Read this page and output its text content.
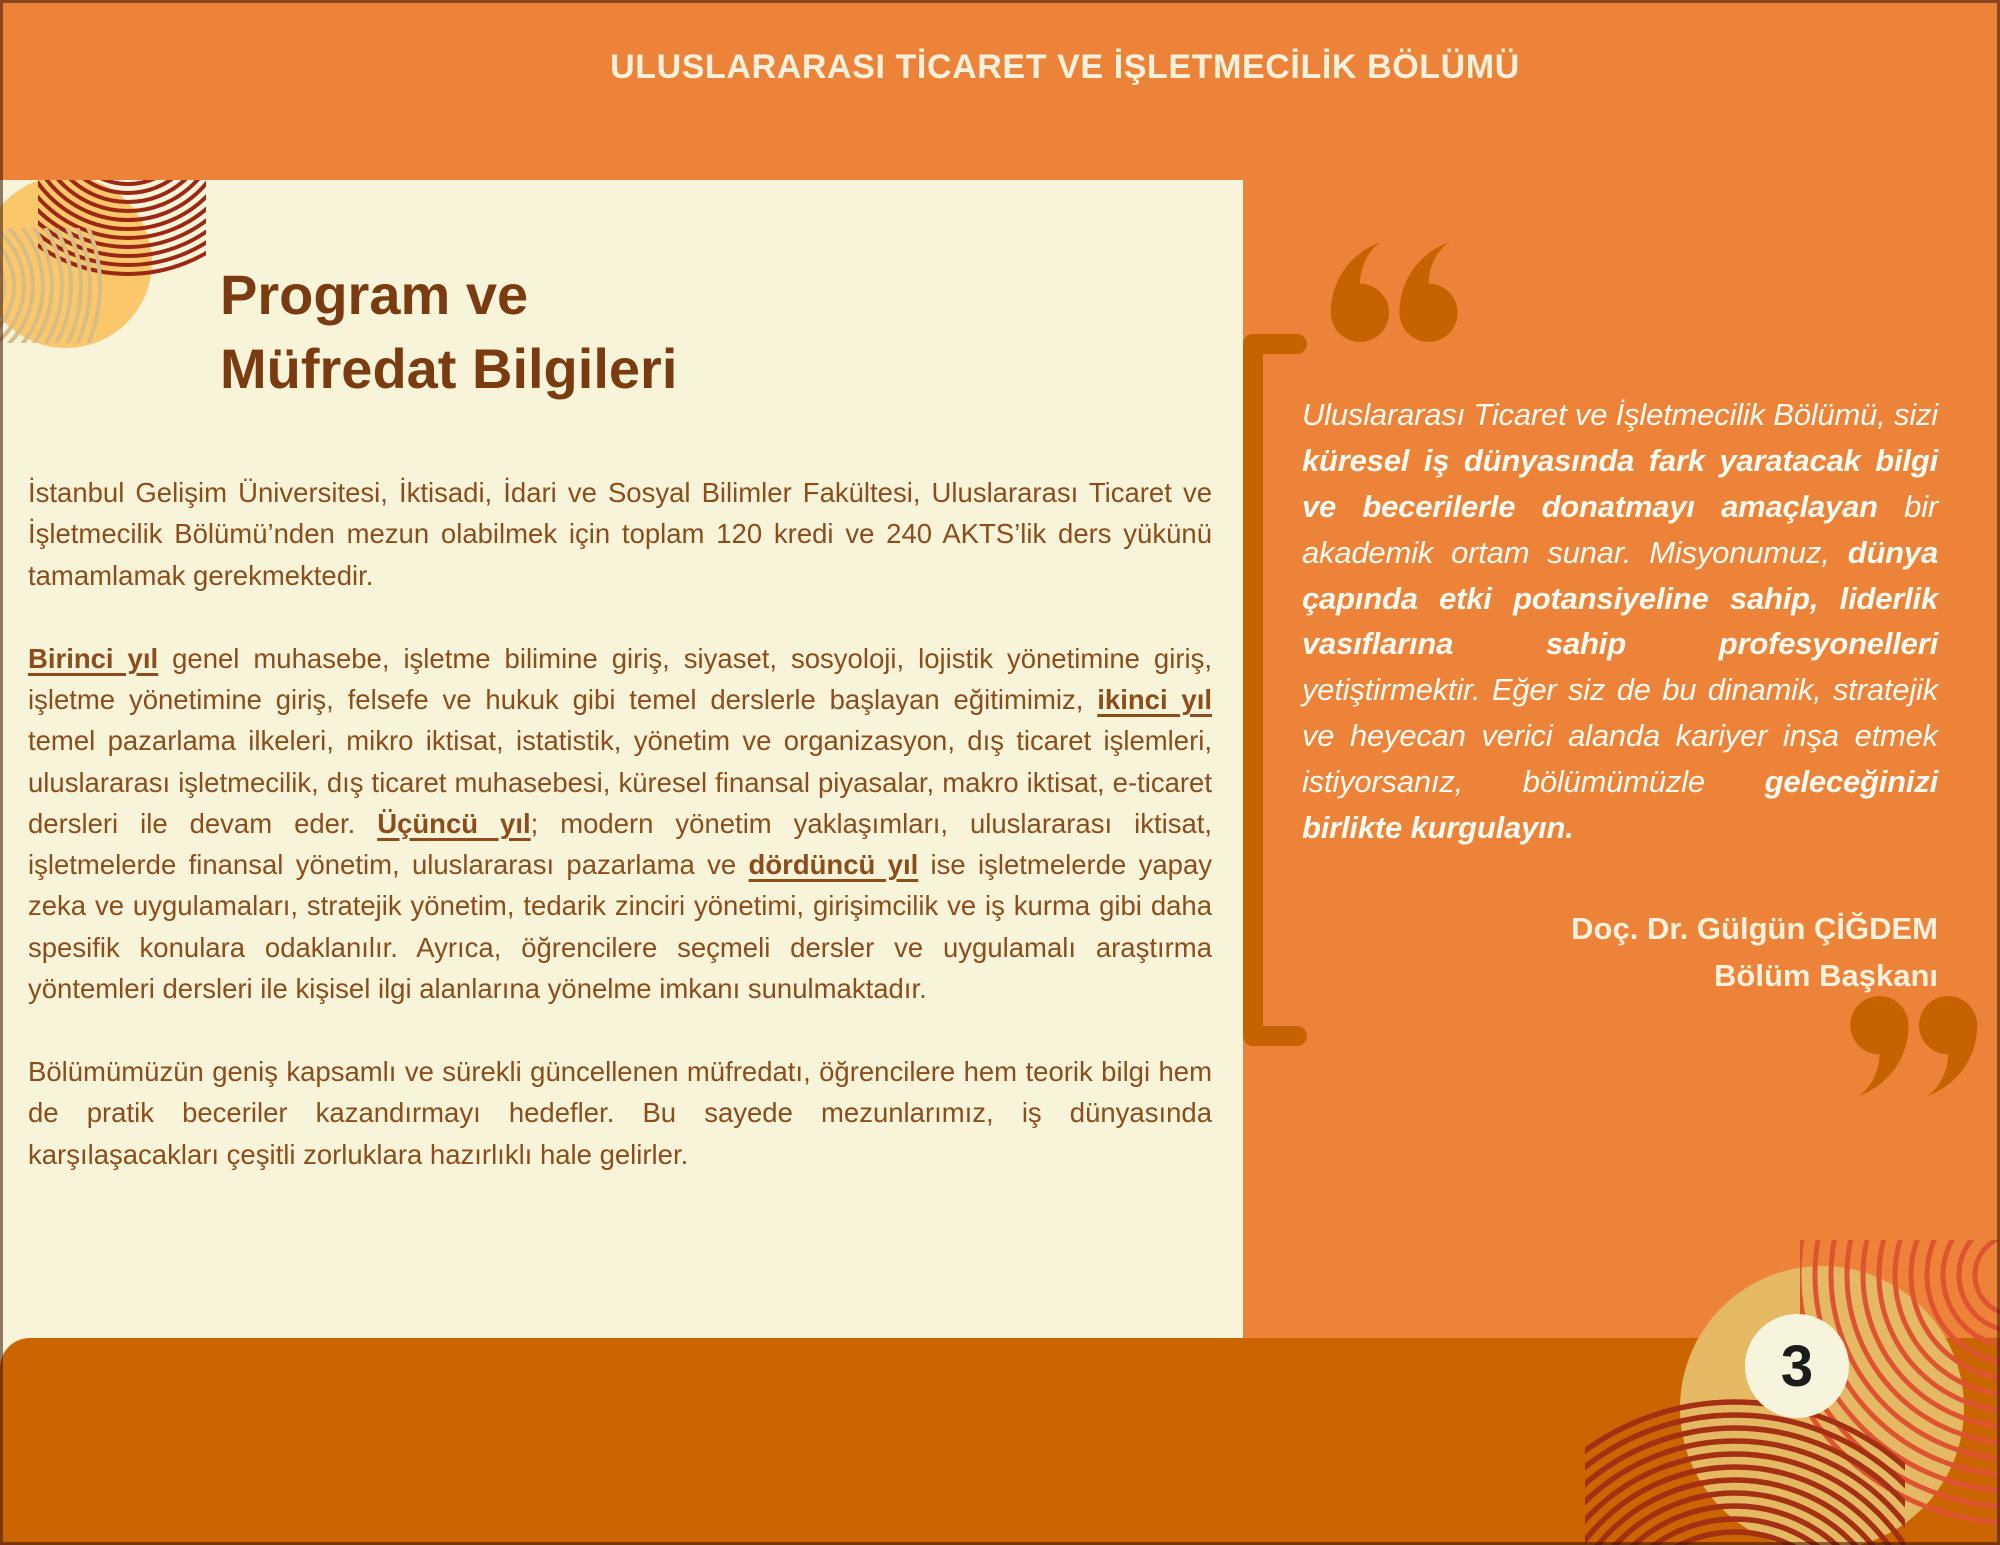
ULUSLARARASI TİCARET VE İŞLETMECİLİK BÖLÜMÜ
Program ve
Müfredat Bilgileri

İstanbul Gelişim Üniversitesi, İktisadi, İdari ve Sosyal Bilimler Fakültesi, Uluslararası Ticaret ve İşletmecilik Bölümü’nden mezun olabilmek için toplam 120 kredi ve 240 AKTS’lik ders yükünü tamamlamak gerekmektedir.

Birinci yıl genel muhasebe, işletme bilimine giriş, siyaset, sosyoloji, lojistik yönetimine giriş, işletme yönetimine giriş, felsefe ve hukuk gibi temel derslerle başlayan eğitimimiz, ikinci yıl temel pazarlama ilkeleri, mikro iktisat, istatistik, yönetim ve organizasyon, dış ticaret işlemleri, uluslararası işletmecilik, dış ticaret muhasebesi, küresel finansal piyasalar, makro iktisat, e-ticaret dersleri ile devam eder. Üçüncü yıl; modern yönetim yaklaşımları, uluslararası iktisat, işletmelerde finansal yönetim, uluslararası pazarlama ve dördüncü yıl ise işletmelerde yapay zeka ve uygulamaları, stratejik yönetim, tedarik zinciri yönetimi, girişimcilik ve iş kurma gibi daha spesifik konulara odaklanılır. Ayrıca, öğrencilere seçmeli dersler ve uygulamalı araştırma yöntemleri dersleri ile kişisel ilgi alanlarına yönelme imkanı sunulmaktadır.

Bölümümüzün geniş kapsamlı ve sürekli güncellenen müfredatı, öğrencilere hem teorik bilgi hem de pratik beceriler kazandırmayı hedefler. Bu sayede mezunlarımız, iş dünyasında karşılaşacakları çeşitli zorluklara hazırlıklı hale gelirler.

Uluslararası Ticaret ve İşletmecilik Bölümü, sizi küresel iş dünyasında fark yaratacak bilgi ve becerilerle donatmayı amaçlayan bir akademik ortam sunar. Misyonumuz, dünya çapında etki potansiyeline sahip, liderlik vasıflarına sahip profesyonelleri yetiştirmektir. Eğer siz de bu dinamik, stratejik ve heyecan verici alanda kariyer inşa etmek istiyorsanız, bölümümüzle geleceğinizi birlikte kurgulayın.

Doç. Dr. Gülgün ÇİĞDEM
Bölüm Başkanı
3
